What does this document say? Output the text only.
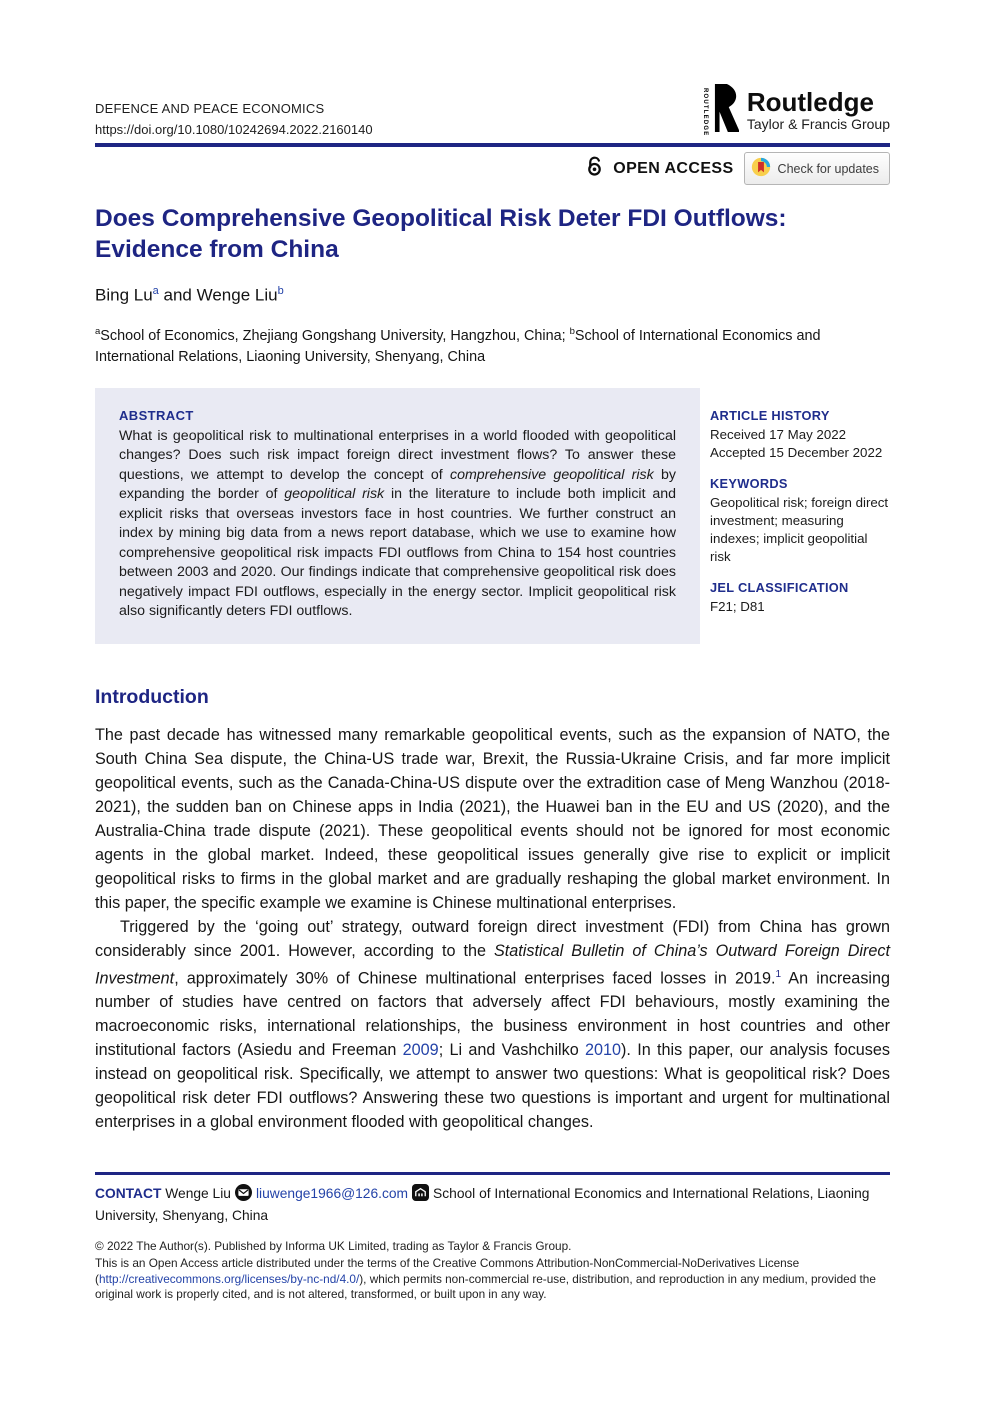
DEFENCE AND PEACE ECONOMICS
https://doi.org/10.1080/10242694.2022.2160140	ROUTLEDGE Routledge
Taylor & Francis Group
OPEN ACCESS	Check for updates
Does Comprehensive Geopolitical Risk Deter FDI Outflows: Evidence from China
Bing Lu$^a$ and Wenge Liu$^b$
$^a$School of Economics, Zhejiang Gongshang University, Hangzhou, China; $^b$School of International Economics and International Relations, Liaoning University, Shenyang, China
ABSTRACT
What is geopolitical risk to multinational enterprises in a world flooded with geopolitical changes? Does such risk impact foreign direct investment flows? To answer these questions, we attempt to develop the concept of comprehensive geopolitical risk by expanding the border of geopolitical risk in the literature to include both implicit and explicit risks that overseas investors face in host countries. We further construct an index by mining big data from a news report database, which we use to examine how comprehensive geopolitical risk impacts FDI outflows from China to 154 host countries between 2003 and 2020. Our findings indicate that comprehensive geopolitical risk does negatively impact FDI outflows, especially in the energy sector. Implicit geopolitical risk also significantly deters FDI outflows.
ARTICLE HISTORY
Received 17 May 2022
Accepted 15 December 2022
KEYWORDS
Geopolitical risk; foreign direct investment; measuring indexes; implicit geopolitial risk
JEL CLASSIFICATION
F21; D81
Introduction

The past decade has witnessed many remarkable geopolitical events, such as the expansion of NATO, the South China Sea dispute, the China-US trade war, Brexit, the Russia-Ukraine Crisis, and far more implicit geopolitical events, such as the Canada-China-US dispute over the extradition case of Meng Wanzhou (2018-2021), the sudden ban on Chinese apps in India (2021), the Huawei ban in the EU and US (2020), and the Australia-China trade dispute (2021). These geopolitical events should not be ignored for most economic agents in the global market. Indeed, these geopolitical issues generally give rise to explicit or implicit geopolitical risks to firms in the global market and are gradually reshaping the global market environment. In this paper, the specific example we examine is Chinese multinational enterprises.

Triggered by the ‘going out’ strategy, outward foreign direct investment (FDI) from China has grown considerably since 2001. However, according to the Statistical Bulletin of China’s Outward Foreign Direct Investment, approximately 30% of Chinese multinational enterprises faced losses in 2019.$^1$ An increasing number of studies have centred on factors that adversely affect FDI behaviours, mostly examining the macroeconomic risks, international relationships, the business environment in host countries and other institutional factors (Asiedu and Freeman 2009; Li and Vashchilko 2010). In this paper, our analysis focuses instead on geopolitical risk. Specifically, we attempt to answer two questions: What is geopolitical risk? Does geopolitical risk deter FDI outflows? Answering these two questions is important and urgent for multinational enterprises in a global environment flooded with geopolitical changes.

CONTACT Wenge Liu liuwenge1966@126.com School of International Economics and International Relations, Liaoning University, Shenyang, China

© 2022 The Author(s). Published by Informa UK Limited, trading as Taylor & Francis Group.

This is an Open Access article distributed under the terms of the Creative Commons Attribution-NonCommercial-NoDerivatives License (http://creativecommons.org/licenses/by-nc-nd/4.0/), which permits non-commercial re-use, distribution, and reproduction in any medium, provided the original work is properly cited, and is not altered, transformed, or built upon in any way.
